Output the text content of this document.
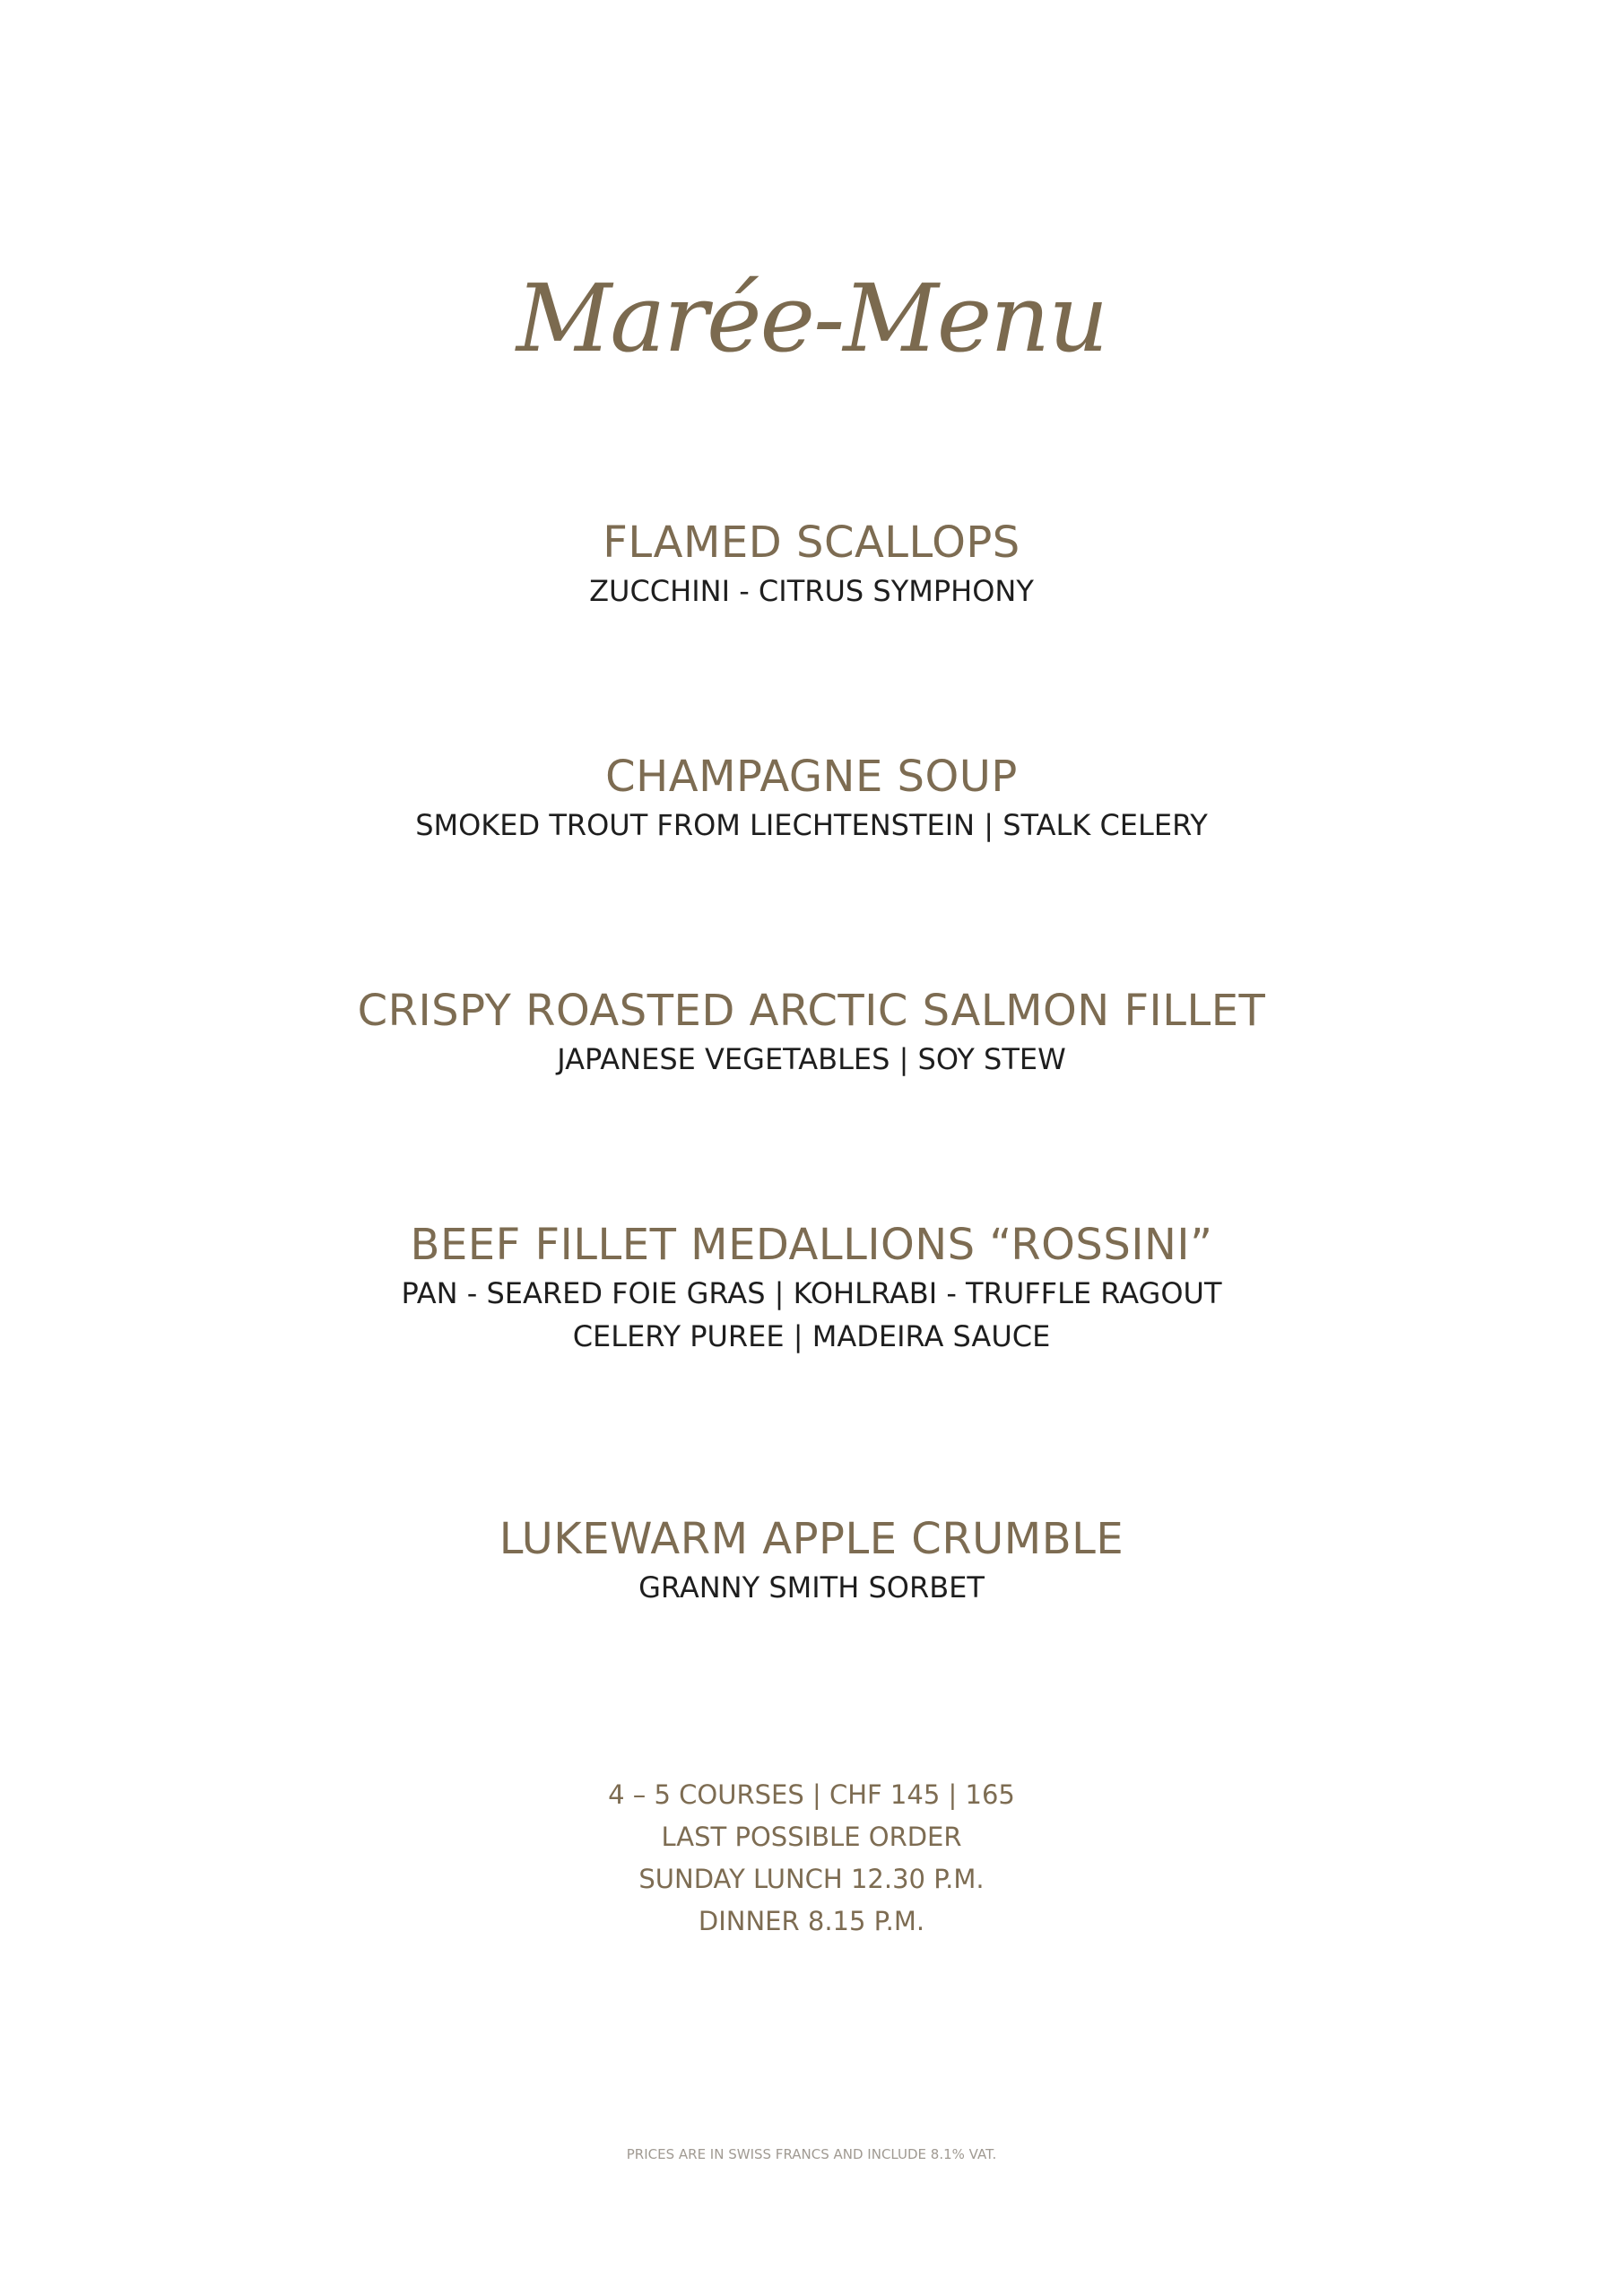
Marée-Menu
FLAMED SCALLOPS
ZUCCHINI - CITRUS SYMPHONY
CHAMPAGNE SOUP
SMOKED TROUT FROM LIECHTENSTEIN | STALK CELERY
CRISPY ROASTED ARCTIC SALMON FILLET
JAPANESE VEGETABLES | SOY STEW
BEEF FILLET MEDALLIONS “ROSSINI”
PAN - SEARED FOIE GRAS | KOHLRABI - TRUFFLE RAGOUT
CELERY PUREE | MADEIRA SAUCE
LUKEWARM APPLE CRUMBLE
GRANNY SMITH SORBET
4 – 5 COURSES | CHF 145 | 165
LAST POSSIBLE ORDER
SUNDAY LUNCH 12.30 P.M.
DINNER 8.15 P.M.
PRICES ARE IN SWISS FRANCS AND INCLUDE 8.1% VAT.
